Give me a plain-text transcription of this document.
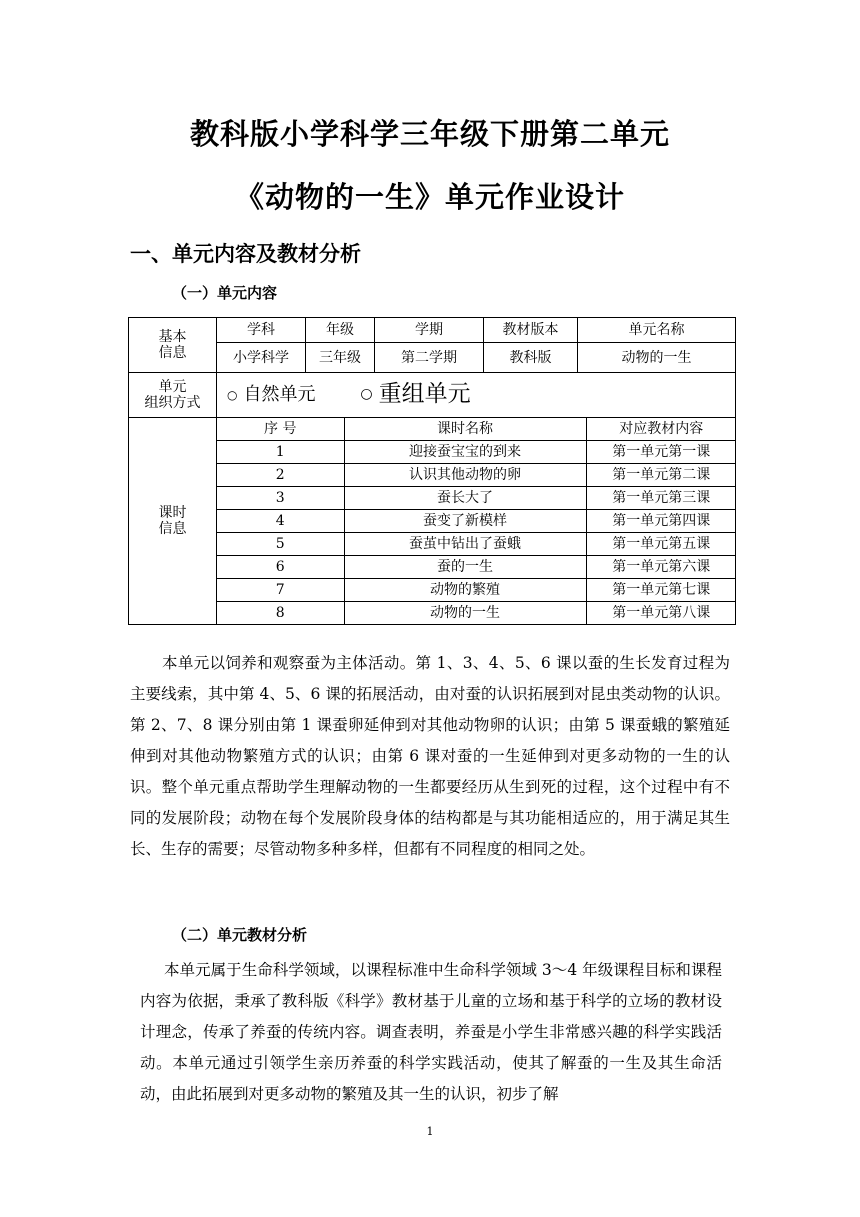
教科版小学科学三年级下册第二单元
《动物的一生》单元作业设计
一、单元内容及教材分析
（一）单元内容
基本
信息
	学科	年级	学期	教材版本	单元名称
小学科学	三年级	第二学期	教科版	动物的一生

单元
组织方式
	○ 自然单元	○ 重组单元

课时
信息

序 号	课时名称	对应教材内容
1	迎接蚕宝宝的到来	第一单元第一课
2	认识其他动物的卵	第一单元第二课
3	蚕长大了	第一单元第三课
4	蚕变了新模样	第一单元第四课
5	蚕茧中钻出了蚕蛾	第一单元第五课
6	蚕的一生	第一单元第六课
7	动物的繁殖	第一单元第七课
8	动物的一生	第一单元第八课

本单元以饲养和观察蚕为主体活动。第 1、3、4、5、6 课以蚕的生长发育过程为主要线索，其中第 4、5、6 课的拓展活动，由对蚕的认识拓展到对昆虫类动物的认识。第 2、7、8 课分别由第 1 课蚕卵延伸到对其他动物卵的认识；由第 5 课蚕蛾的繁殖延伸到对其他动物繁殖方式的认识；由第 6 课对蚕的一生延伸到对更多动物的一生的认识。整个单元重点帮助学生理解动物的一生都要经历从生到死的过程，这个过程中有不同的发展阶段；动物在每个发展阶段身体的结构都是与其功能相适应的，用于满足其生长、生存的需要；尽管动物多种多样，但都有不同程度的相同之处。

（二）单元教材分析

本单元属于生命科学领域，以课程标准中生命科学领域 3～4 年级课程目标和课程内容为依据，秉承了教科版《科学》教材基于儿童的立场和基于科学的立场的教材设计理念，传承了养蚕的传统内容。调查表明，养蚕是小学生非常感兴趣的科学实践活动。本单元通过引领学生亲历养蚕的科学实践活动，使其了解蚕的一生及其生命活动，由此拓展到对更多动物的繁殖及其一生的认识，初步了解

1
